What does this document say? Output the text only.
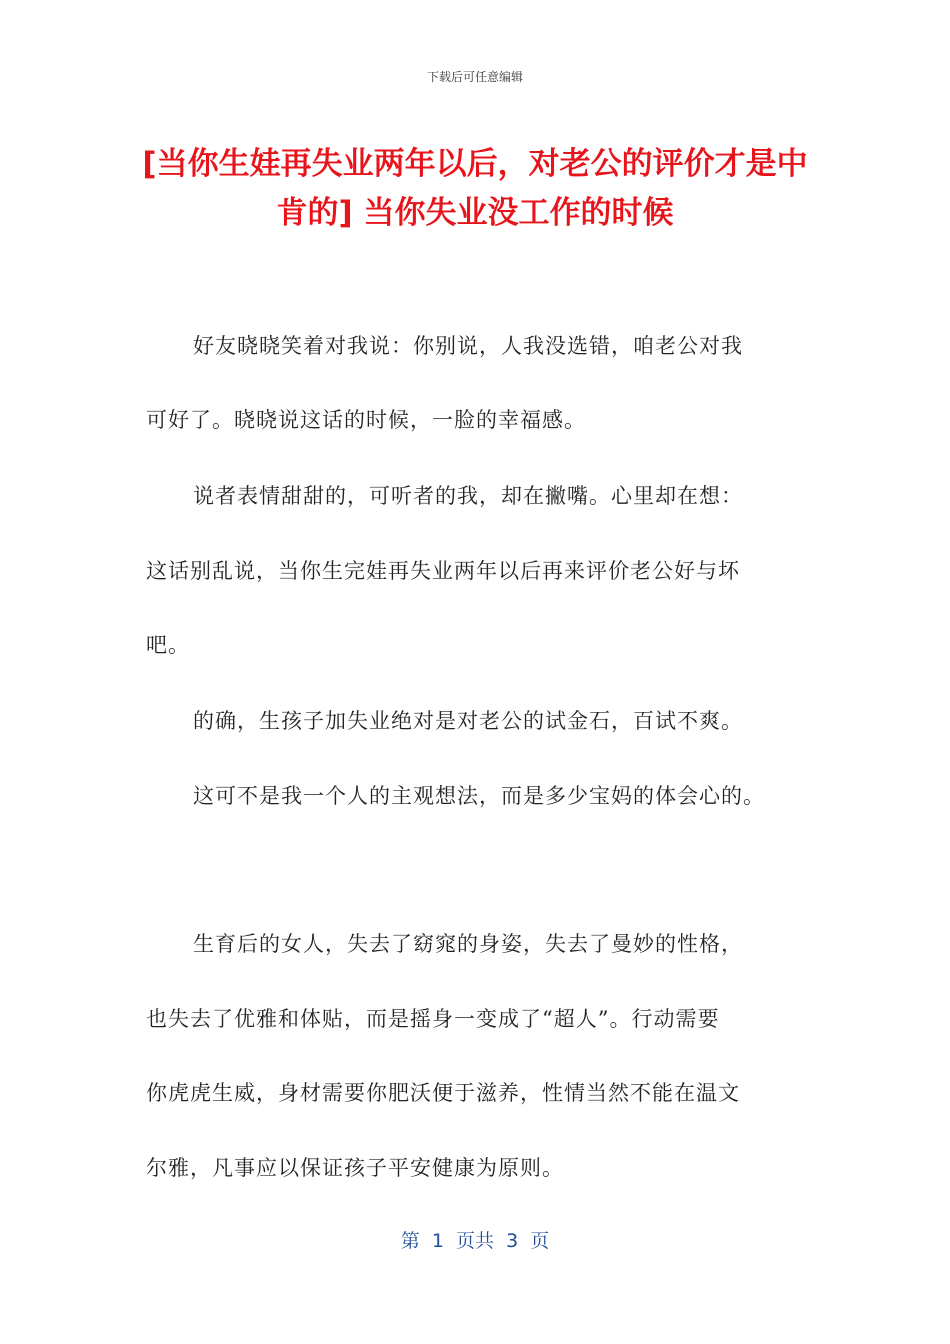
下载后可任意编辑
[当你生娃再失业两年以后，对老公的评价才是中肯的] 当你失业没工作的时候

好友晓晓笑着对我说：你别说，人我没选错，咱老公对我

可好了。晓晓说这话的时候，一脸的幸福感。

说者表情甜甜的，可听者的我，却在撇嘴。心里却在想：

这话别乱说，当你生完娃再失业两年以后再来评价老公好与坏

吧。

的确，生孩子加失业绝对是对老公的试金石，百试不爽。

这可不是我一个人的主观想法，而是多少宝妈的体会心的。

生育后的女人，失去了窈窕的身姿，失去了曼妙的性格，

也失去了优雅和体贴，而是摇身一变成了“超人”。行动需要

你虎虎生威，身材需要你肥沃便于滋养，性情当然不能在温文

尔雅，凡事应以保证孩子平安健康为原则。

第  1  页共  3  页
